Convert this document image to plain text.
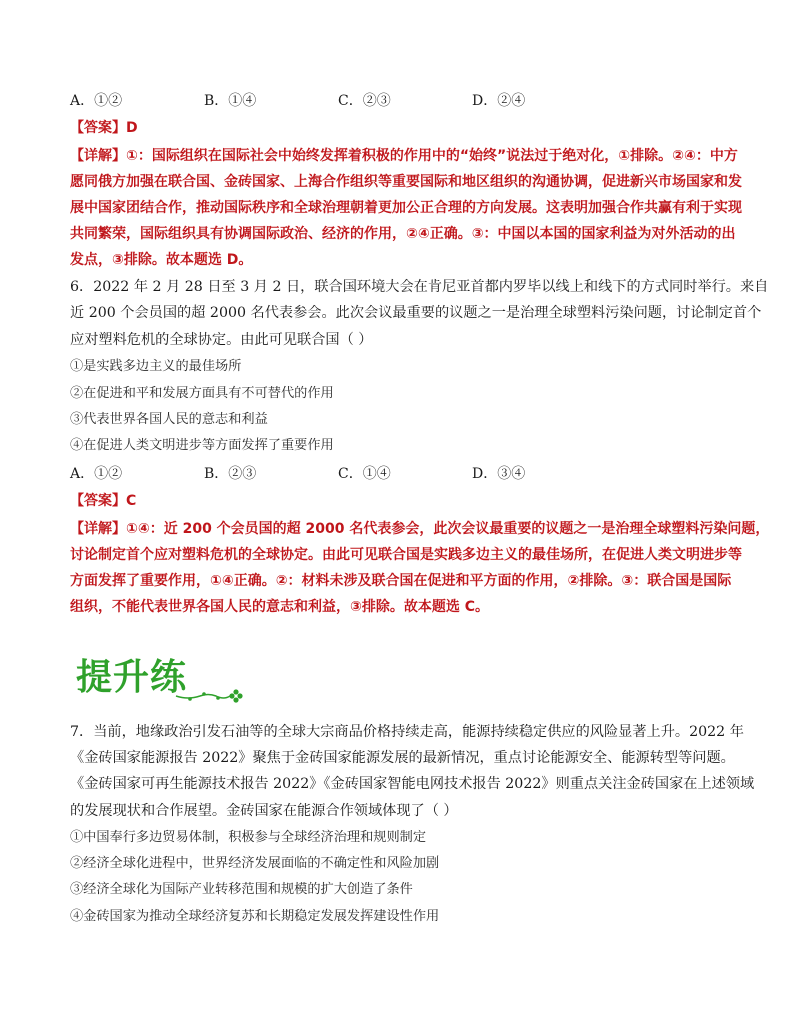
A．①②	B．①④	C．②③	D．②④
【答案】D
【详解】①：国际组织在国际社会中始终发挥着积极的作用中的“始终”说法过于绝对化，①排除。②④：中方
愿同俄方加强在联合国、金砖国家、上海合作组织等重要国际和地区组织的沟通协调，促进新兴市场国家和发
展中国家团结合作，推动国际秩序和全球治理朝着更加公正合理的方向发展。这表明加强合作共赢有利于实现
共同繁荣，国际组织具有协调国际政治、经济的作用，②④正确。③：中国以本国的国家利益为对外活动的出
发点，③排除。故本题选 D。
6．2022 年 2 月 28 日至 3 月 2 日，联合国环境大会在肯尼亚首都内罗毕以线上和线下的方式同时举行。来自
近 200 个会员国的超 2000 名代表参会。此次会议最重要的议题之一是治理全球塑料污染问题，讨论制定首个
应对塑料危机的全球协定。由此可见联合国（ ）
①是实践多边主义的最佳场所
②在促进和平和发展方面具有不可替代的作用
③代表世界各国人民的意志和利益
④在促进人类文明进步等方面发挥了重要作用
A．①②	B．②③	C．①④	D．③④
【答案】C
【详解】①④：近 200 个会员国的超 2000 名代表参会，此次会议最重要的议题之一是治理全球塑料污染问题，
讨论制定首个应对塑料危机的全球协定。由此可见联合国是实践多边主义的最佳场所，在促进人类文明进步等
方面发挥了重要作用，①④正确。②：材料未涉及联合国在促进和平方面的作用，②排除。③：联合国是国际
组织，不能代表世界各国人民的意志和利益，③排除。故本题选 C。
提升练
7．当前，地缘政治引发石油等的全球大宗商品价格持续走高，能源持续稳定供应的风险显著上升。2022 年
《金砖国家能源报告 2022》聚焦于金砖国家能源发展的最新情况，重点讨论能源安全、能源转型等问题。
《金砖国家可再生能源技术报告 2022》《金砖国家智能电网技术报告 2022》则重点关注金砖国家在上述领域
的发展现状和合作展望。金砖国家在能源合作领域体现了（ ）
①中国奉行多边贸易体制，积极参与全球经济治理和规则制定
②经济全球化进程中，世界经济发展面临的不确定性和风险加剧
③经济全球化为国际产业转移范围和规模的扩大创造了条件
④金砖国家为推动全球经济复苏和长期稳定发展发挥建设性作用
